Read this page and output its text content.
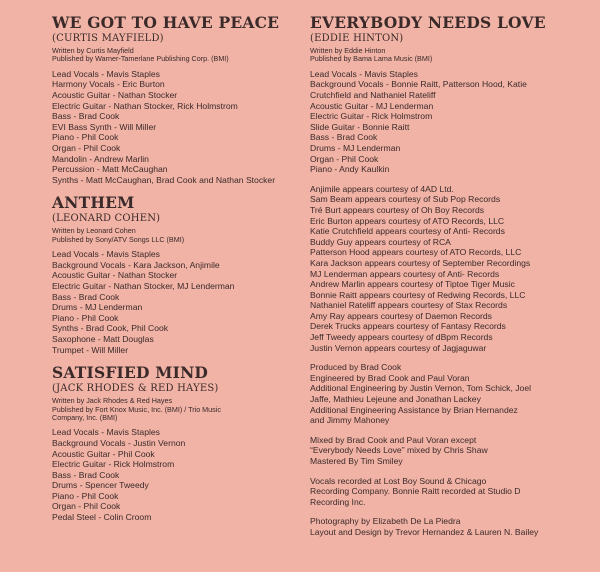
WE GOT TO HAVE PEACE
(CURTIS MAYFIELD)
Written by Curtis Mayfield
Published by Warner-Tamerlane Publishing Corp. (BMI)
Lead Vocals - Mavis Staples
Harmony Vocals - Eric Burton
Acoustic Guitar - Nathan Stocker
Electric Guitar - Nathan Stocker, Rick Holmstrom
Bass - Brad Cook
EVI Bass Synth - Will Miller
Piano - Phil Cook
Organ - Phil Cook
Mandolin - Andrew Marlin
Percussion - Matt McCaughan
Synths - Matt McCaughan, Brad Cook and Nathan Stocker
ANTHEM
(LEONARD COHEN)
Written by Leonard Cohen
Published by Sony/ATV Songs LLC (BMI)
Lead Vocals - Mavis Staples
Background Vocals - Kara Jackson, Anjimile
Acoustic Guitar - Nathan Stocker
Electric Guitar - Nathan Stocker, MJ Lenderman
Bass - Brad Cook
Drums - MJ Lenderman
Piano - Phil Cook
Synths - Brad Cook, Phil Cook
Saxophone - Matt Douglas
Trumpet - Will Miller
SATISFIED MIND
(JACK RHODES & RED HAYES)
Written by Jack Rhodes & Red Hayes
Published by Fort Knox Music, Inc. (BMI) / Trio Music
Company, Inc. (BMI)
Lead Vocals - Mavis Staples
Background Vocals - Justin Vernon
Acoustic Guitar - Phil Cook
Electric Guitar - Rick Holmstrom
Bass - Brad Cook
Drums - Spencer Tweedy
Piano - Phil Cook
Organ - Phil Cook
Pedal Steel - Colin Croom
EVERYBODY NEEDS LOVE
(EDDIE HINTON)
Written by Eddie Hinton
Published by Bama Lama Music (BMI)
Lead Vocals - Mavis Staples
Background Vocals - Bonnie Raitt, Patterson Hood, Katie
Crutchfield and Nathaniel Rateliff
Acoustic Guitar - MJ Lenderman
Electric Guitar - Rick Holmstrom
Slide Guitar - Bonnie Raitt
Bass - Brad Cook
Drums - MJ Lenderman
Organ - Phil Cook
Piano - Andy Kaulkin
Anjimile appears courtesy of 4AD Ltd.
Sam Beam appears courtesy of Sub Pop Records
Tré Burt appears courtesy of Oh Boy Records
Eric Burton appears courtesy of ATO Records, LLC
Katie Crutchfield appears courtesy of Anti- Records
Buddy Guy appears courtesy of RCA
Patterson Hood appears courtesy of ATO Records, LLC
Kara Jackson appears courtesy of September Recordings
MJ Lenderman appears courtesy of Anti- Records
Andrew Marlin appears courtesy of Tiptoe Tiger Music
Bonnie Raitt appears courtesy of Redwing Records, LLC
Nathaniel Rateliff appears courtesy of Stax Records
Amy Ray appears courtesy of Daemon Records
Derek Trucks appears courtesy of Fantasy Records
Jeff Tweedy appears courtesy of dBpm Records
Justin Vernon appears courtesy of Jagjaguwar
Produced by Brad Cook
Engineered by Brad Cook and Paul Voran
Additional Engineering by Justin Vernon, Tom Schick, Joel
Jaffe, Mathieu Lejeune and Jonathan Lackey
Additional Engineering Assistance by Brian Hernandez
and Jimmy Mahoney
Mixed by Brad Cook and Paul Voran except
“Everybody Needs Love” mixed by Chris Shaw
Mastered By Tim Smiley
Vocals recorded at Lost Boy Sound & Chicago
Recording Company. Bonnie Raitt recorded at Studio D
Recording Inc.
Photography by Elizabeth De La Piedra
Layout and Design by Trevor Hernandez & Lauren N. Bailey
